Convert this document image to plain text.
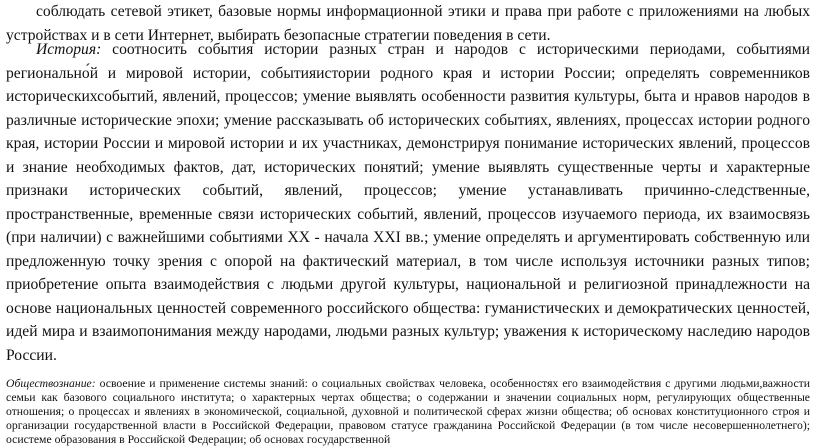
соблюдать сетевой этикет, базовые нормы информационной этики и права при работе с приложениями на любых устройствах и в сети Интернет, выбирать безопасные стратегии поведения в сети.

История: соотносить события истории разных стран и народов с историческими периодами, событиями регионально́й и мировой истории, событияистории родного края и истории России; определять современников историческихсобытий, явлений, процессов; умение выявлять особенности развития культуры, быта и нравов народов в различные исторические эпохи; умение рассказывать об исторических событиях, явлениях, процессах истории родного края, истории России и мировой истории и их участниках, демонстрируя понимание исторических явлений, процессов и знание необходимых фактов, дат, исторических понятий; умение выявлять существенные черты и характерные признаки исторических событий, явлений, процессов; умение устанавливать причинно-следственные, пространственные, временные связи исторических событий, явлений, процессов изучаемого периода, их взаимосвязь (при наличии) с важнейшими событиями XX - начала XXI вв.; умение определять и аргументировать собственную или предложенную точку зрения с опорой на фактический материал, в том числе используя источники разных типов; приобретение опыта взаимодействия с людьми другой культуры, национальной и религиозной принадлежности на основе национальных ценностей современного российского общества: гуманистических и демократических ценностей, идей мира и взаимопонимания между народами, людьми разных культур; уважения к историческому наследию народов России.

Обществознание: освоение и применение системы знаний: о социальных свойствах человека, особенностях его взаимодействия с другими людьми,важности семьи как базового социального института; о характерных чертах общества; о содержании и значении социальных норм, регулирующих общественные отношения; о процессах и явлениях в экономической, социальной, духовной и политической сферах жизни общества; об основах конституционного строя и организации государственной власти в Российской Федерации, правовом статусе гражданина Российской Федерации (в том числе несовершеннолетнего); осистеме образования в Российской Федерации; об основах государственной
